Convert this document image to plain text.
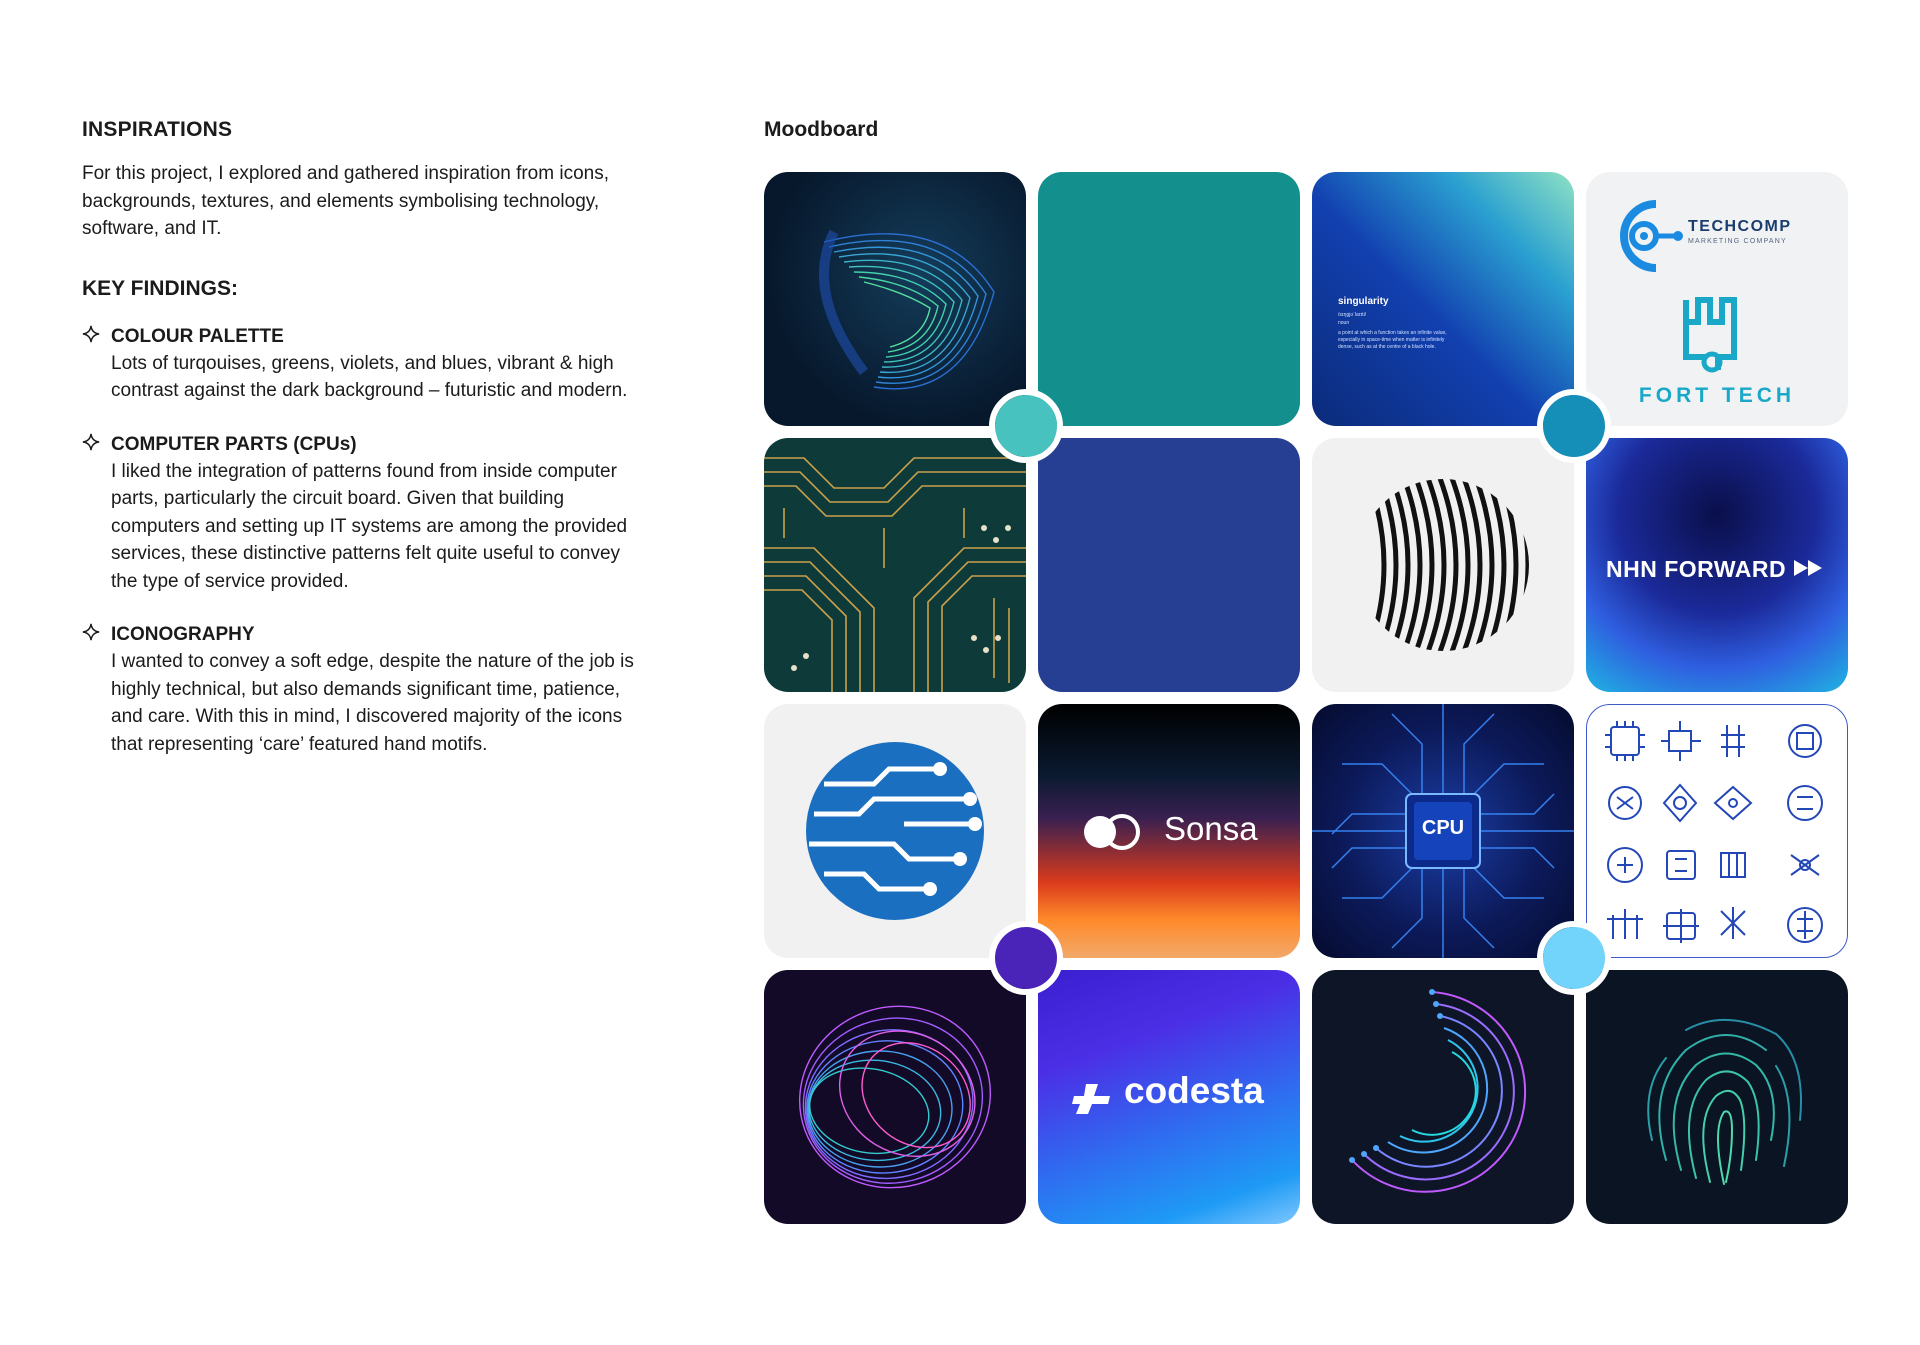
INSPIRATIONS
For this project, I explored and gathered inspiration from icons, backgrounds, textures, and elements symbolising technology, software, and IT.
KEY FINDINGS:
COLOUR PALETTE
Lots of turqouises, greens, violets, and blues, vibrant & high contrast against the dark background – futuristic and modern.
COMPUTER PARTS (CPUs)
I liked the integration of patterns found from inside computer parts, particularly the circuit board. Given that building computers and setting up IT systems are among the provided services, these distinctive patterns felt quite useful to convey the type of service provided.
ICONOGRAPHY
I wanted to convey a soft edge, despite the nature of the job is highly technical, but also demands significant time, patience, and care. With this in mind, I discovered majority of the icons that representing ‘care’ featured hand motifs.
Moodboard
singularity
/sɪŋgjʊˈlarɪti/
noun
a point at which a function takes an infinite value, especially in space-time when matter is infinitely dense, such as at the centre of a black hole.
TECHCOMP
MARKETING COMPANY
FORT TECH
NHN FORWARD
Sonsa	CPU
codesta
